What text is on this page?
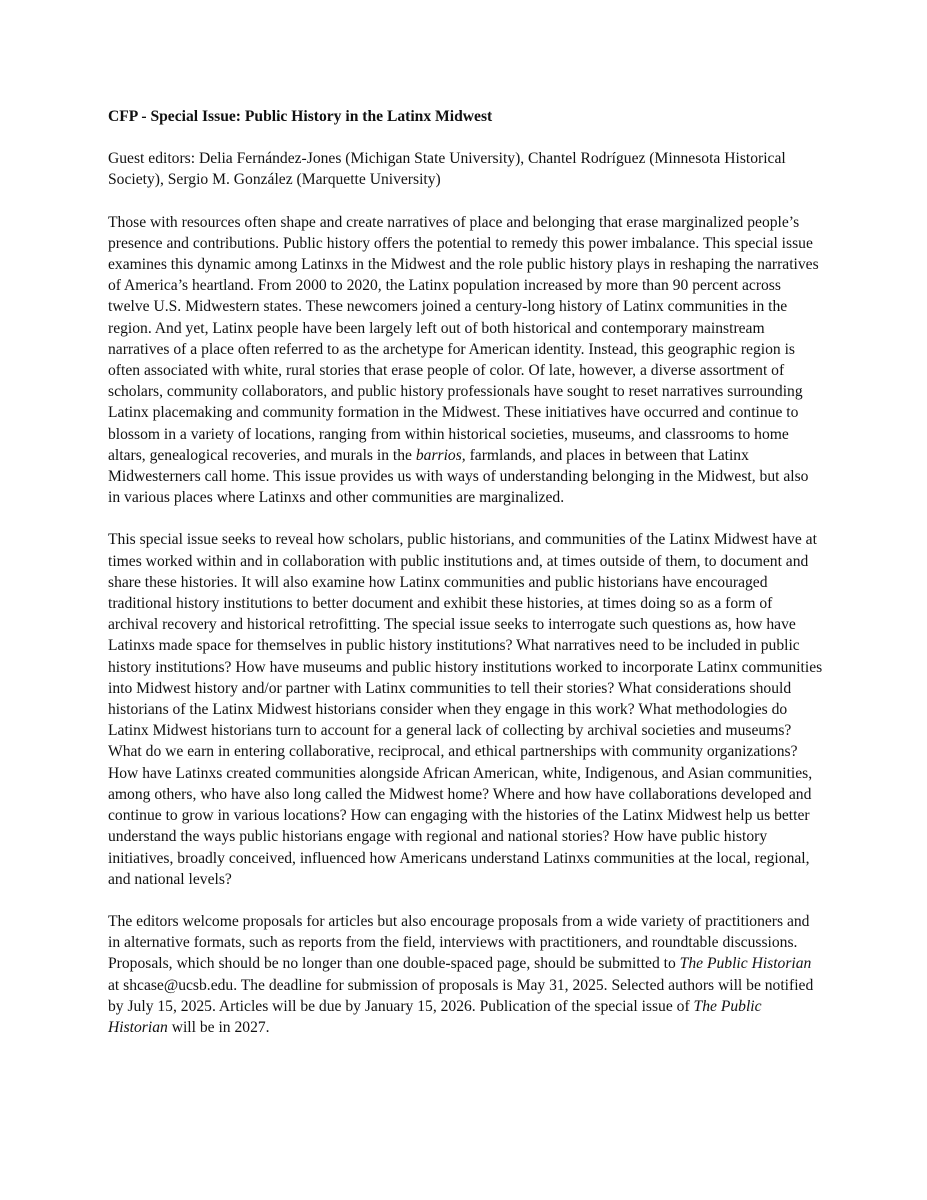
CFP - Special Issue: Public History in the Latinx Midwest

Guest editors: Delia Fernández-Jones (Michigan State University), Chantel Rodríguez (Minnesota Historical Society), Sergio M. González (Marquette University)

Those with resources often shape and create narratives of place and belonging that erase marginalized people’s presence and contributions. Public history offers the potential to remedy this power imbalance. This special issue examines this dynamic among Latinxs in the Midwest and the role public history plays in reshaping the narratives of America’s heartland. From 2000 to 2020, the Latinx population increased by more than 90 percent across twelve U.S. Midwestern states. These newcomers joined a century-long history of Latinx communities in the region. And yet, Latinx people have been largely left out of both historical and contemporary mainstream narratives of a place often referred to as the archetype for American identity. Instead, this geographic region is often associated with white, rural stories that erase people of color. Of late, however, a diverse assortment of scholars, community collaborators, and public history professionals have sought to reset narratives surrounding Latinx placemaking and community formation in the Midwest. These initiatives have occurred and continue to blossom in a variety of locations, ranging from within historical societies, museums, and classrooms to home altars, genealogical recoveries, and murals in the barrios, farmlands, and places in between that Latinx Midwesterners call home. This issue provides us with ways of understanding belonging in the Midwest, but also in various places where Latinxs and other communities are marginalized.

This special issue seeks to reveal how scholars, public historians, and communities of the Latinx Midwest have at times worked within and in collaboration with public institutions and, at times outside of them, to document and share these histories. It will also examine how Latinx communities and public historians have encouraged traditional history institutions to better document and exhibit these histories, at times doing so as a form of archival recovery and historical retrofitting. The special issue seeks to interrogate such questions as, how have Latinxs made space for themselves in public history institutions? What narratives need to be included in public history institutions? How have museums and public history institutions worked to incorporate Latinx communities into Midwest history and/or partner with Latinx communities to tell their stories? What considerations should historians of the Latinx Midwest historians consider when they engage in this work? What methodologies do Latinx Midwest historians turn to account for a general lack of collecting by archival societies and museums? What do we earn in entering collaborative, reciprocal, and ethical partnerships with community organizations? How have Latinxs created communities alongside African American, white, Indigenous, and Asian communities, among others, who have also long called the Midwest home? Where and how have collaborations developed and continue to grow in various locations? How can engaging with the histories of the Latinx Midwest help us better understand the ways public historians engage with regional and national stories? How have public history initiatives, broadly conceived, influenced how Americans understand Latinxs communities at the local, regional, and national levels?

The editors welcome proposals for articles but also encourage proposals from a wide variety of practitioners and in alternative formats, such as reports from the field, interviews with practitioners, and roundtable discussions. Proposals, which should be no longer than one double-spaced page, should be submitted to The Public Historian at shcase@ucsb.edu. The deadline for submission of proposals is May 31, 2025. Selected authors will be notified by July 15, 2025. Articles will be due by January 15, 2026. Publication of the special issue of The Public Historian will be in 2027.
